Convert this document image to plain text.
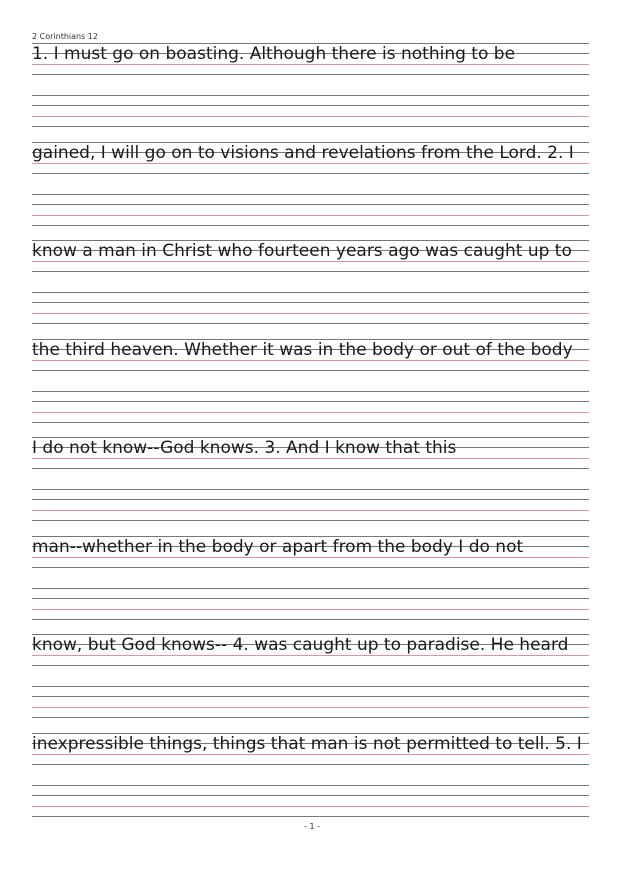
2 Corinthians 12
1. I must go on boasting. Although there is nothing to be
gained, I will go on to visions and revelations from the Lord. 2. I
know a man in Christ who fourteen years ago was caught up to
the third heaven. Whether it was in the body or out of the body
I do not know--God knows. 3. And I know that this
man--whether in the body or apart from the body I do not
know, but God knows-- 4. was caught up to paradise. He heard
inexpressible things, things that man is not permitted to tell. 5. I
- 1 -
